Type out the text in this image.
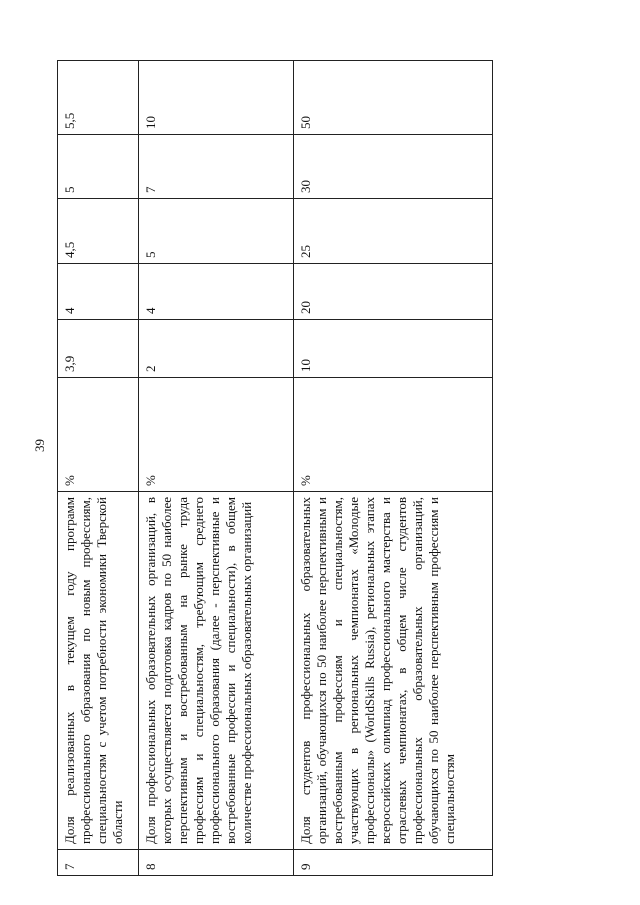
39
7	Доля реализованных в текущем году программ профессионального образования по новым профессиям, специальностям с учетом потребности экономики Тверской области	%	3,9	4	4,5	5	5,5
8	Доля профессиональных образовательных организаций, в которых осуществляется подготовка кадров по 50 наиболее перспективным и востребованным на рынке труда профессиям и специальностям, требующим среднего профессионального образования (далее - перспективные и востребованные профессии и специальности), в общем количестве профессиональных образовательных организаций	%	2	4	5	7	10
9	Доля студентов профессиональных образовательных организаций, обучающихся по 50 наиболее перспективным и востребованным профессиям и специальностям, участвующих в региональных чемпионатах «Молодые профессионалы» (WorldSkills Russia), региональных этапах всероссийских олимпиад профессионального мастерства и отраслевых чемпионатах, в общем числе студентов профессиональных образовательных организаций, обучающихся по 50 наиболее перспективным профессиям и специальностям	%	10	20	25	30	50
